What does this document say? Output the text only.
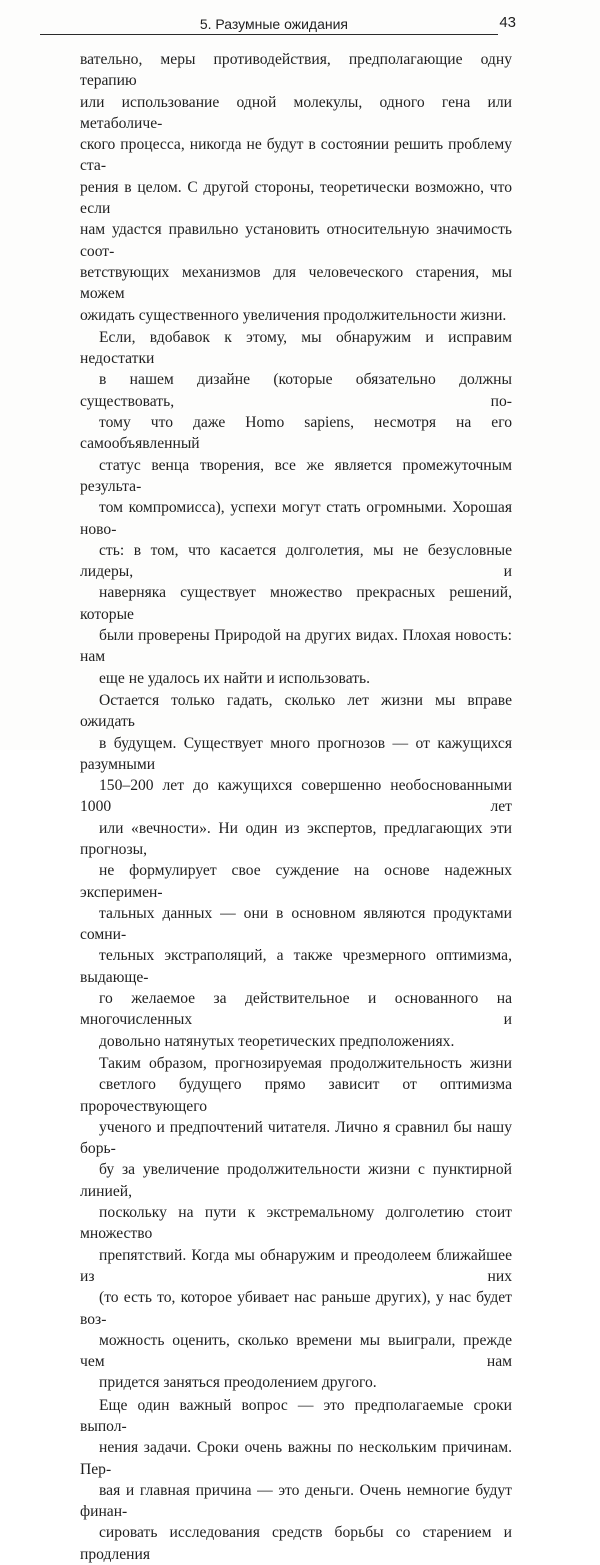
5. Разумные ожидания	43

вательно, меры противодействия, предполагающие одну терапию
или использование одной молекулы, одного гена или метаболиче-
ского процесса, никогда не будут в состоянии решить проблему ста-
рения в целом. С другой стороны, теоретически возможно, что если
нам удастся правильно установить относительную значимость соот-
ветствующих механизмов для человеческого старения, мы можем
ожидать существенного увеличения продолжительности жизни.

Если, вдобавок к этому, мы обнаружим и исправим недостатки
в нашем дизайне (которые обязательно должны существовать, по-
тому что даже Homo sapiens, несмотря на его самообъявленный
статус венца творения, все же является промежуточным результа-
том компромисса), успехи могут стать огромными. Хорошая ново-
сть: в том, что касается долголетия, мы не безусловные лидеры, и
наверняка существует множество прекрасных решений, которые
были проверены Природой на других видах. Плохая новость: нам
еще не удалось их найти и использовать.

Остается только гадать, сколько лет жизни мы вправе ожидать
в будущем. Существует много прогнозов — от кажущихся разумными
150–200 лет до кажущихся совершенно необоснованными 1000 лет
или «вечности». Ни один из экспертов, предлагающих эти прогнозы,
не формулирует свое суждение на основе надежных эксперимен-
тальных данных — они в основном являются продуктами сомни-
тельных экстраполяций, а также чрезмерного оптимизма, выдающе-
го желаемое за действительное и основанного на многочисленных и
довольно натянутых теоретических предположениях.

Таким образом, прогнозируемая продолжительность жизни
светлого будущего прямо зависит от оптимизма пророчествующего
ученого и предпочтений читателя. Лично я сравнил бы нашу борь-
бу за увеличение продолжительности жизни с пунктирной линией,
поскольку на пути к экстремальному долголетию стоит множество
препятствий. Когда мы обнаружим и преодолеем ближайшее из них
(то есть то, которое убивает нас раньше других), у нас будет воз-
можность оценить, сколько времени мы выиграли, прежде чем нам
придется заняться преодолением другого.

Еще один важный вопрос — это предполагаемые сроки выпол-
нения задачи. Сроки очень важны по нескольким причинам. Пер-
вая и главная причина — это деньги. Очень немногие будут финан-
сировать исследования средств борьбы со старением и продления
